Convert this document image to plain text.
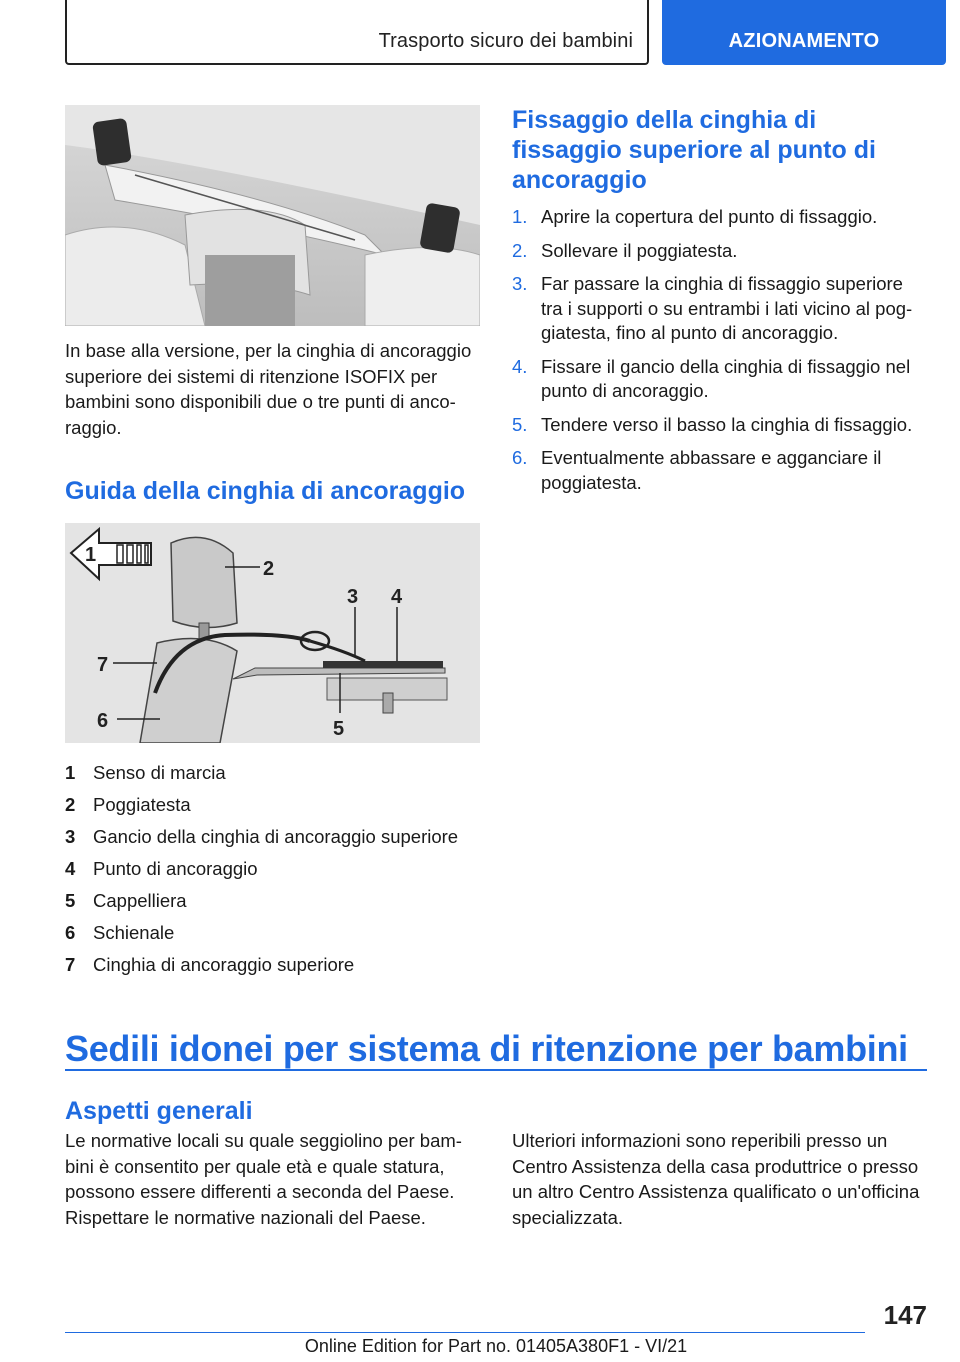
Trasporto sicuro dei bambini	AZIONAMENTO

In base alla versione, per la cinghia di ancoraggio superiore dei sistemi di ritenzione ISOFIX per bambini sono disponibili due o tre punti di ancoraggio.

Guida della cinghia di ancoraggio
1
2
3 4
5
6
7
1 Senso di marcia
2 Poggiatesta
3 Gancio della cinghia di ancoraggio superiore
4 Punto di ancoraggio
5 Cappelliera
6 Schienale
7 Cinghia di ancoraggio superiore
Fissaggio della cinghia di fissaggio superiore al punto di ancoraggio
1. Aprire la copertura del punto di fissaggio.
2. Sollevare il poggiatesta.
3. Far passare la cinghia di fissaggio superiore tra i supporti o su entrambi i lati vicino al poggiatesta, fino al punto di ancoraggio.
4. Fissare il gancio della cinghia di fissaggio nel punto di ancoraggio.
5. Tendere verso il basso la cinghia di fissaggio.
6. Eventualmente abbassare e agganciare il poggiatesta.
Sedili idonei per sistema di ritenzione per bambini
Aspetti generali

Le normative locali su quale seggiolino per bambini è consentito per quale età e quale statura, possono essere differenti a seconda del Paese. Rispettare le normative nazionali del Paese.

Ulteriori informazioni sono reperibili presso un Centro Assistenza della casa produttrice o presso un altro Centro Assistenza qualificato o un'officina specializzata.

147
Online Edition for Part no. 01405A380F1 - VI/21
